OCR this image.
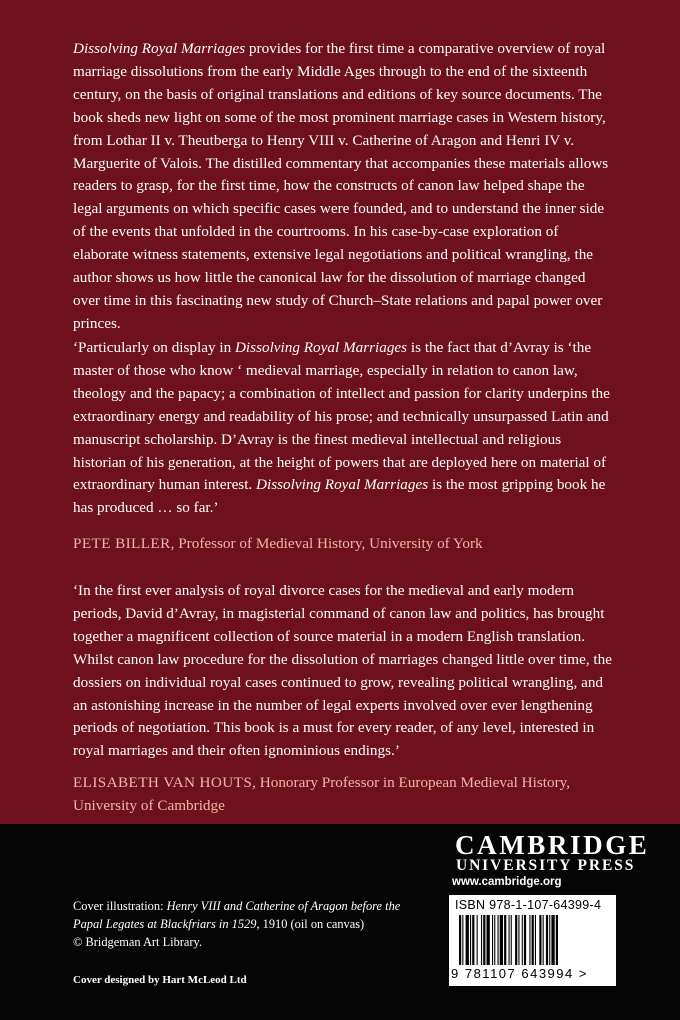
Dissolving Royal Marriages provides for the first time a comparative overview of royal marriage dissolutions from the early Middle Ages through to the end of the sixteenth century, on the basis of original translations and editions of key source documents. The book sheds new light on some of the most prominent marriage cases in Western history, from Lothar II v. Theutberga to Henry VIII v. Catherine of Aragon and Henri IV v. Marguerite of Valois. The distilled commentary that accompanies these materials allows readers to grasp, for the first time, how the constructs of canon law helped shape the legal arguments on which specific cases were founded, and to understand the inner side of the events that unfolded in the courtrooms. In his case-by-case exploration of elaborate witness statements, extensive legal negotiations and political wrangling, the author shows us how little the canonical law for the dissolution of marriage changed over time in this fascinating new study of Church–State relations and papal power over princes.

‘Particularly on display in Dissolving Royal Marriages is the fact that d’Avray is ‘the master of those who know ‘ medieval marriage, especially in relation to canon law, theology and the papacy; a combination of intellect and passion for clarity underpins the extraordinary energy and readability of his prose; and technically unsurpassed Latin and manuscript scholarship. D’Avray is the finest medieval intellectual and religious historian of his generation, at the height of powers that are deployed here on material of extraordinary human interest. Dissolving Royal Marriages is the most gripping book he has produced … so far.’

PETE BILLER, Professor of Medieval History, University of York

‘In the first ever analysis of royal divorce cases for the medieval and early modern periods, David d’Avray, in magisterial command of canon law and politics, has brought together a magnificent collection of source material in a modern English translation. Whilst canon law procedure for the dissolution of marriages changed little over time, the dossiers on individual royal cases continued to grow, revealing political wrangling, and an astonishing increase in the number of legal experts involved over ever lengthening periods of negotiation. This book is a must for every reader, of any level, interested in royal marriages and their often ignominious endings.’

ELISABETH VAN HOUTS, Honorary Professor in European Medieval History, University of Cambridge
CAMBRIDGE
UNIVERSITY PRESS
www.cambridge.org
Cover illustration: Henry VIII and Catherine of Aragon before the Papal Legates at Blackfriars in 1529, 1910 (oil on canvas)
© Bridgeman Art Library.
Cover designed by Hart McLeod Ltd
ISBN 978-1-107-64399-4
9 781107 643994 >
